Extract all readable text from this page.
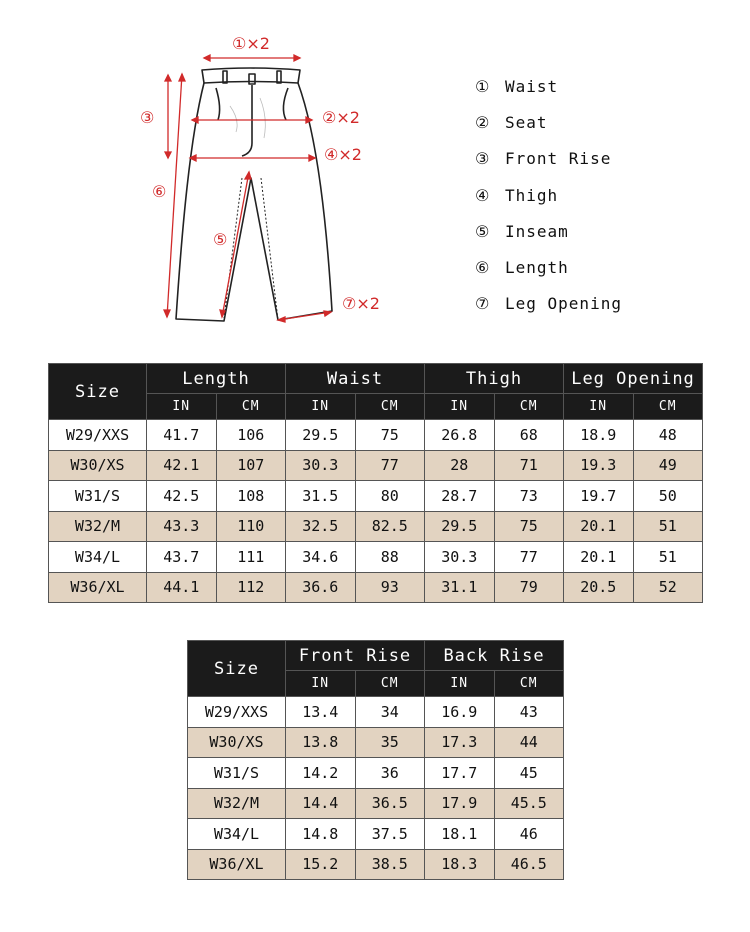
①×2
②×2
④×2
③
⑥
⑤
⑦×2
① Waist
② Seat
③ Front Rise
④ Thigh
⑤ Inseam
⑥ Length
⑦ Leg Opening
Size	Length		Waist		Thigh		Leg Opening	
	IN	CM	IN	CM	IN	CM	IN	CM
W29/XXS	41.7	106	29.5	75	26.8	68	18.9	48
W30/XS	42.1	107	30.3	77	28	71	19.3	49
W31/S	42.5	108	31.5	80	28.7	73	19.7	50
W32/M	43.3	110	32.5	82.5	29.5	75	20.1	51
W34/L	43.7	111	34.6	88	30.3	77	20.1	51
W36/XL	44.1	112	36.6	93	31.1	79	20.5	52
Size	Front Rise		Back Rise	
	IN	CM	IN	CM
W29/XXS	13.4	34	16.9	43
W30/XS	13.8	35	17.3	44
W31/S	14.2	36	17.7	45
W32/M	14.4	36.5	17.9	45.5
W34/L	14.8	37.5	18.1	46
W36/XL	15.2	38.5	18.3	46.5
